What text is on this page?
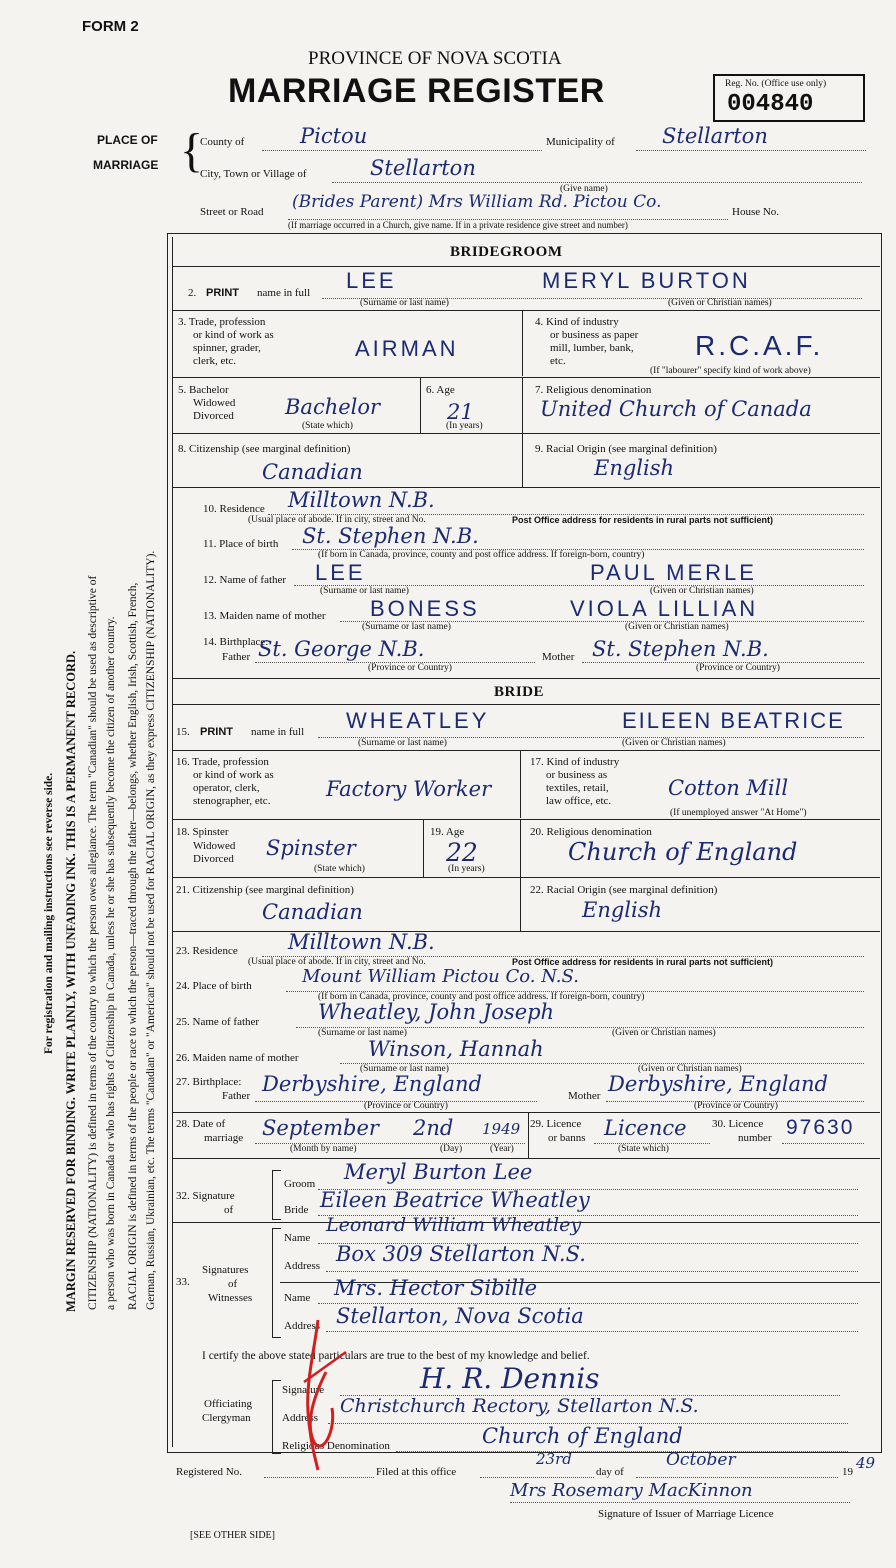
FORM 2
PROVINCE OF NOVA SCOTIA
MARRIAGE REGISTER	Reg. No. (Office use only)
004840
PLACE OF
MARRIAGE {
County of	Pictou	Municipality of Stellarton
City, Town or Village of	Stellarton
(Give name)
Street or Road (Brides Parent) Mrs William Rd. Pictou Co.	House No.
(If marriage occurred in a Church, give name. If in a private residence give street and number)
For registration and mailing instructions see reverse side. MARGIN RESERVED FOR BINDING. WRITE PLAINLY, WITH UNFADING INK. THIS IS A PERMANENT RECORD. CITIZENSHIP (NATIONALITY) is defined in terms of the country to which the person owes allegiance. The term "Canadian" should be used as descriptive of a person who was born in Canada or who has rights of Citizenship in Canada, unless he or she has subsequently become the citizen of another country. RACIAL ORIGIN is defined in terms of the people or race to which the person—traced through the father—belongs, whether English, Irish, Scottish, French, German, Russian, Ukrainian, etc. The terms "Canadian" or "American" should not be used for RACIAL ORIGIN, as they express CITIZENSHIP (NATIONALITY).
BRIDEGROOM
2. PRINT name in full LEE	MERYL BURTON
(Surname or last name)	(Given or Christian names)
3. Trade, profession
or kind of work as
spinner, grader,
clerk, etc.	AIRMAN
4. Kind of industry
or business as paper
mill, lumber, bank,
etc.	R.C.A.F.
(If "labourer" specify kind of work above)
5. Bachelor
Widowed
Divorced Bachelor
(State which)
6. Age
21
(In years)
7. Religious denomination
United Church of Canada
8. Citizenship (see marginal definition)
Canadian
9. Racial Origin (see marginal definition)
English
10. Residence Milltown N.B.
(Usual place of abode. If in city, street and No.	Post Office address for residents in rural parts not sufficient)
11. Place of birth St. Stephen N.B.
(If born in Canada, province, county and post office address. If foreign-born, country)
12. Name of father LEE	PAUL MERLE
(Surname or last name)	(Given or Christian names)
13. Maiden name of mother BONESS	VIOLA LILLIAN
(Surname or last name)	(Given or Christian names)
14. Birthplace:
Father St. George N.B.	Mother St. Stephen N.B.
(Province or Country)	(Province or Country)
BRIDE
15. PRINT name in full WHEATLEY	EILEEN BEATRICE
(Surname or last name)	(Given or Christian names)
16. Trade, profession
or kind of work as
operator, clerk,
stenographer, etc.	Factory Worker
17. Kind of industry
or business as
textiles, retail,
law office, etc.
Cotton Mill
(If unemployed answer "At Home")
18. Spinster
Widowed
Divorced Spinster
(State which)
19. Age
22
(In years)
20. Religious denomination
Church of England
21. Citizenship (see marginal definition)
Canadian
22. Racial Origin (see marginal definition)
English
23. Residence Milltown N.B.
(Usual place of abode. If in city, street and No.	Post Office address for residents in rural parts not sufficient)
24. Place of birth	Mount William Pictou Co. N.S.
(If born in Canada, province, county and post office address. If foreign-born, country)
25. Name of father	Wheatley, John Joseph
(Surname or last name)	(Given or Christian names)
26. Maiden name of mother	Winson, Hannah
(Surname or last name)	(Given or Christian names)
27. Birthplace:
Father Derbyshire, England	Mother Derbyshire, England
(Province or Country)	(Province or Country)
28. Date of
marriage September 2nd 1949
(Month by name)	(Day)	(Year)
29. Licence
or banns Licence
(State which)
30. Licence
number 97630
32. Signature
of
Groom Meryl Burton Lee
Bride Eileen Beatrice Wheatley
33.
Signatures
of
Witnesses
Name
Leonard William Wheatley
Address Box 309 Stellarton N.S.
Name Mrs. Hector Sibille
Address Stellarton, Nova Scotia
I certify the above stated particulars are true to the best of my knowledge and belief.
Officiating
Clergyman
Signature	H. R. Dennis
Address
Christchurch Rectory, Stellarton N.S.
Religious Denomination	Church of England
Registered No.	Filed at this office
23rd
day of
October
19 49
Mrs Rosemary MacKinnon
Signature of Issuer of Marriage Licence
[SEE OTHER SIDE]
